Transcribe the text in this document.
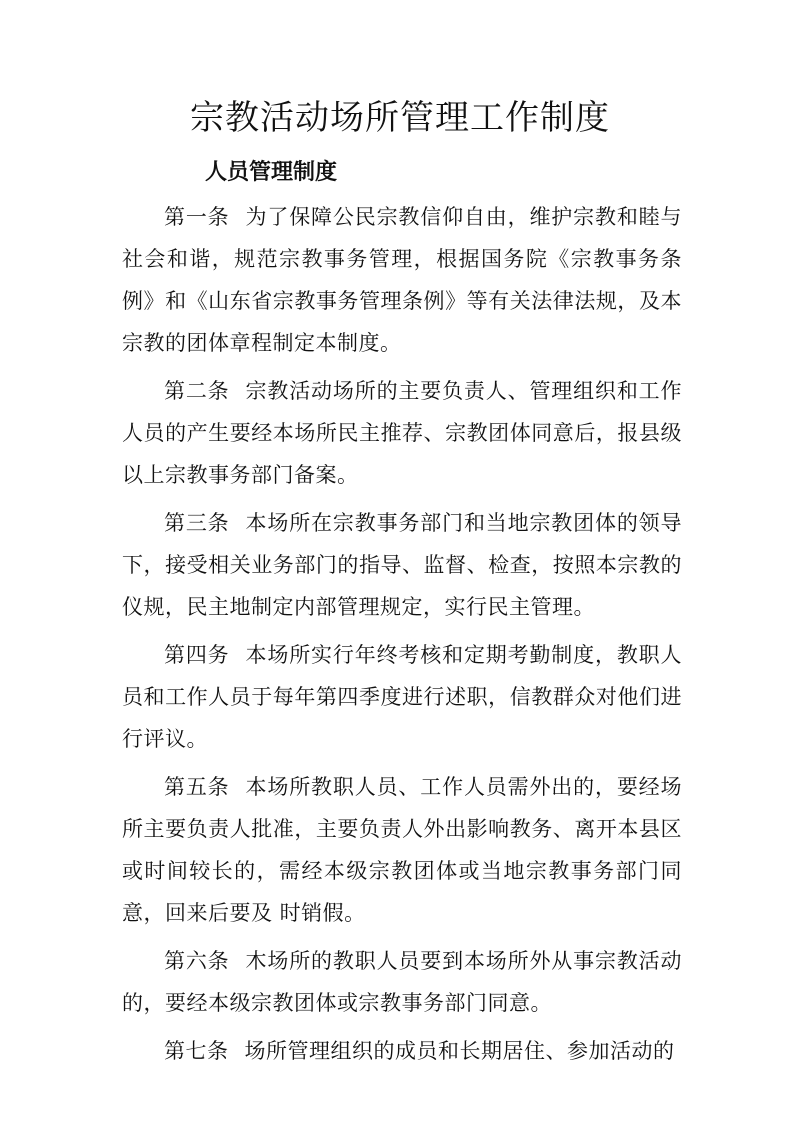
宗教活动场所管理工作制度
人员管理制度

第一条 为了保障公民宗教信仰自由，维护宗教和睦与社会和谐，规范宗教事务管理，根据国务院《宗教事务条例》和《山东省宗教事务管理条例》等有关法律法规，及本宗教的团体章程制定本制度。

第二条 宗教活动场所的主要负责人、管理组织和工作人员的产生要经本场所民主推荐、宗教团体同意后，报县级以上宗教事务部门备案。

第三条 本场所在宗教事务部门和当地宗教团体的领导下，接受相关业务部门的指导、监督、检查，按照本宗教的仪规，民主地制定内部管理规定，实行民主管理。

第四务 本场所实行年终考核和定期考勤制度，教职人员和工作人员于每年第四季度进行述职，信教群众对他们进行评议。

第五条 本场所教职人员、工作人员需外出的，要经场所主要负责人批准，主要负责人外出影响教务、离开本县区或时间较长的，需经本级宗教团体或当地宗教事务部门同意，回来后要及 时销假。

第六条 木场所的教职人员要到本场所外从事宗教活动的，要经本级宗教团体或宗教事务部门同意。

第七条 场所管理组织的成员和长期居住、参加活动的
